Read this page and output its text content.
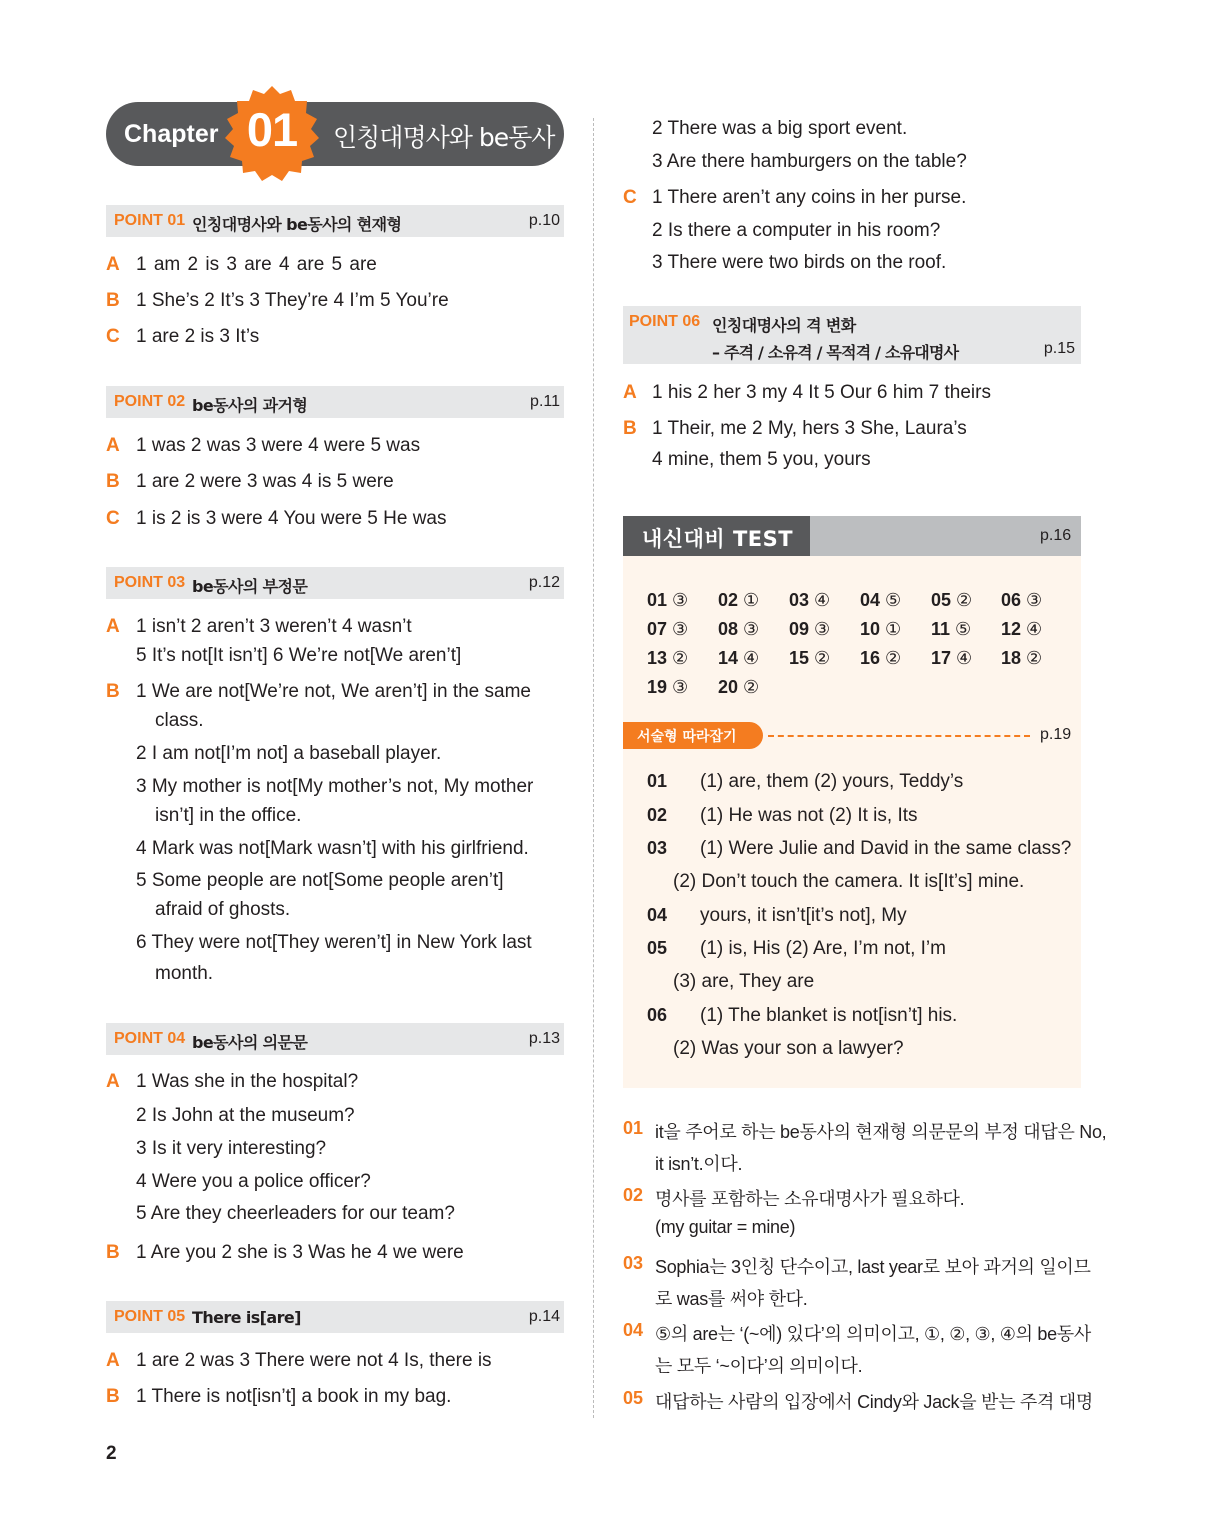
Chapter 01	인칭대명사와 be동사
POINT 01 인칭대명사와 be동사의 현재형	p.10
A 1 am 2 is 3 are 4 are 5 are
B 1 She’s 2 It’s 3 They’re 4 I’m 5 You’re
C 1 are 2 is 3 It’s
POINT 02 be동사의 과거형	p.11
A 1 was 2 was 3 were 4 were 5 was
B 1 are 2 were 3 was 4 is 5 were
C 1 is 2 is 3 were 4 You were 5 He was
POINT 03 be동사의 부정문	p.12
A 1 isn’t 2 aren’t 3 weren’t 4 wasn’t
5 It’s not[It isn’t] 6 We’re not[We aren’t]
B 1 We are not[We’re not, We aren’t] in the same
class.
2 I am not[I’m not] a baseball player.
3 My mother is not[My mother’s not, My mother
isn’t] in the office.
4 Mark was not[Mark wasn’t] with his girlfriend.
5 Some people are not[Some people aren’t]
afraid of ghosts.
6 They were not[They weren’t] in New York last
month.
POINT 04 be동사의 의문문	p.13
A 1 Was she in the hospital?
2 Is John at the museum?
3 Is it very interesting?
4 Were you a police officer?
5 Are they cheerleaders for our team?
B 1 Are you 2 she is 3 Was he 4 we were
POINT 05 There is[are]	p.14
A 1 are 2 was 3 There were not 4 Is, there is
B 1 There is not[isn’t] a book in my bag.
2
2 There was a big sport event.
3 Are there hamburgers on the table?
C 1 There aren’t any coins in her purse.
2 Is there a computer in his room?
3 There were two birds on the roof.
POINT 06 인칭대명사의 격 변화
– 주격 / 소유격 / 목적격 / 소유대명사	p.15
A 1 his 2 her 3 my 4 It 5 Our 6 him 7 theirs
B 1 Their, me 2 My, hers 3 She, Laura’s
4 mine, them 5 you, yours
내신대비 TEST	p.16
01 ③ 02 ① 03 ④ 04 ⑤ 05 ② 06 ③
07 ③ 08 ③ 09 ③ 10 ① 11 ⑤ 12 ④
13 ② 14 ④ 15 ② 16 ② 17 ④ 18 ②
19 ③ 20 ②
서술형 따라잡기	p.19
01 (1) are, them (2) yours, Teddy’s
02 (1) He was not (2) It is, Its
03 (1) Were Julie and David in the same class?
(2) Don’t touch the camera. It is[It’s] mine.
04 yours, it isn’t[it’s not], My
05 (1) is, His (2) Are, I’m not, I’m
(3) are, They are
06 (1) The blanket is not[isn’t] his.
(2) Was your son a lawyer?
01 it을 주어로 하는 be동사의 현재형 의문문의 부정 대답은 No,
it isn’t.이다.
02 명사를 포함하는 소유대명사가 필요하다.
(my guitar = mine)
03 Sophia는 3인칭 단수이고, last year로 보아 과거의 일이므
로 was를 써야 한다.
04 ⑤의 are는 ‘(~에) 있다’의 의미이고, ①, ②, ③, ④의 be동사
는 모두 ‘~이다’의 의미이다.
05 대답하는 사람의 입장에서 Cindy와 Jack을 받는 주격 대명
